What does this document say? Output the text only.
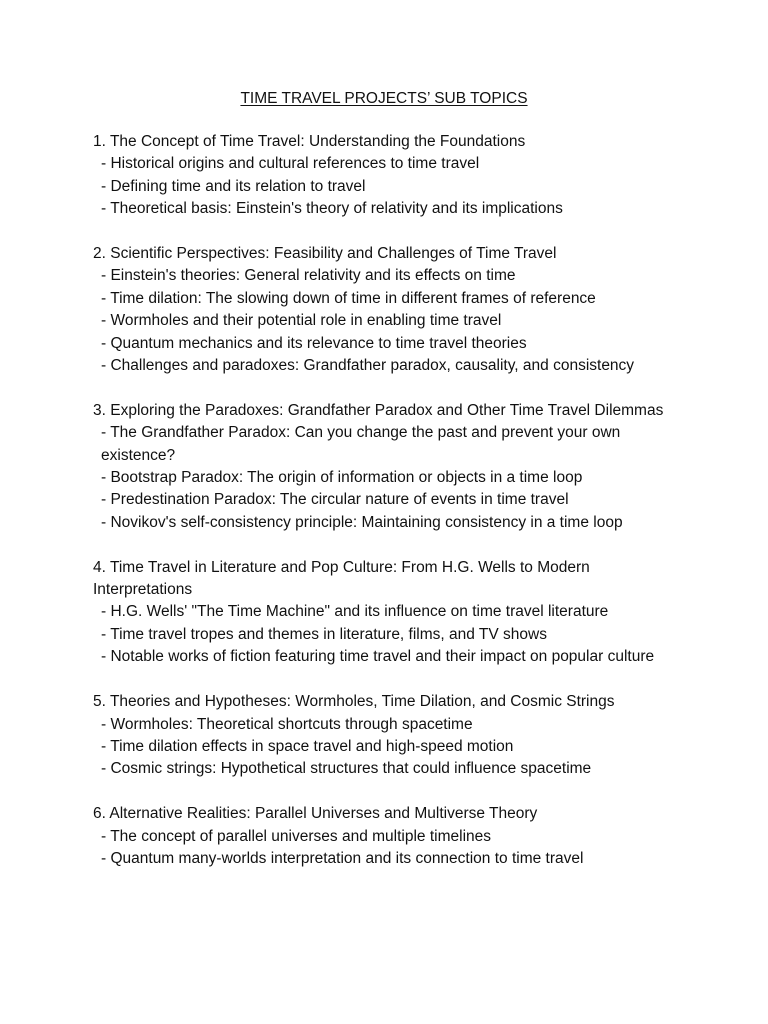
TIME TRAVEL PROJECTS’ SUB TOPICS

1. The Concept of Time Travel: Understanding the Foundations

- Historical origins and cultural references to time travel

- Defining time and its relation to travel

- Theoretical basis: Einstein's theory of relativity and its implications

2. Scientific Perspectives: Feasibility and Challenges of Time Travel

- Einstein's theories: General relativity and its effects on time

- Time dilation: The slowing down of time in different frames of reference

- Wormholes and their potential role in enabling time travel

- Quantum mechanics and its relevance to time travel theories

- Challenges and paradoxes: Grandfather paradox, causality, and consistency

3. Exploring the Paradoxes: Grandfather Paradox and Other Time Travel Dilemmas

- The Grandfather Paradox: Can you change the past and prevent your own existence?

- Bootstrap Paradox: The origin of information or objects in a time loop

- Predestination Paradox: The circular nature of events in time travel

- Novikov's self-consistency principle: Maintaining consistency in a time loop

4. Time Travel in Literature and Pop Culture: From H.G. Wells to Modern Interpretations

- H.G. Wells' "The Time Machine" and its influence on time travel literature

- Time travel tropes and themes in literature, films, and TV shows

- Notable works of fiction featuring time travel and their impact on popular culture

5. Theories and Hypotheses: Wormholes, Time Dilation, and Cosmic Strings

- Wormholes: Theoretical shortcuts through spacetime

- Time dilation effects in space travel and high-speed motion

- Cosmic strings: Hypothetical structures that could influence spacetime

6. Alternative Realities: Parallel Universes and Multiverse Theory

- The concept of parallel universes and multiple timelines

- Quantum many-worlds interpretation and its connection to time travel
